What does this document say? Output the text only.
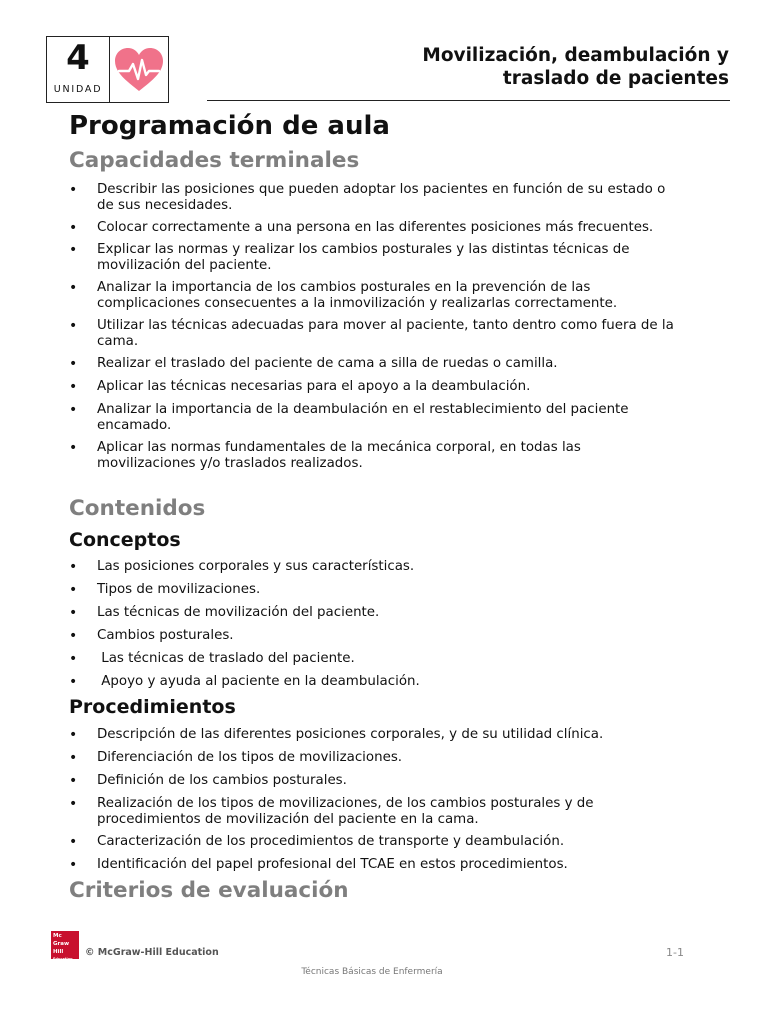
4
UNIDAD
Movilización, deambulación y traslado de pacientes
Programación de aula
Capacidades terminales
• Describir las posiciones que pueden adoptar los pacientes en función de su estado o de sus necesidades.
• Colocar correctamente a una persona en las diferentes posiciones más frecuentes.
• Explicar las normas y realizar los cambios posturales y las distintas técnicas de movilización del paciente.
• Analizar la importancia de los cambios posturales en la prevención de las complicaciones consecuentes a la inmovilización y realizarlas correctamente.
• Utilizar las técnicas adecuadas para mover al paciente, tanto dentro como fuera de la cama.
• Realizar el traslado del paciente de cama a silla de ruedas o camilla.
• Aplicar las técnicas necesarias para el apoyo a la deambulación.
• Analizar la importancia de la deambulación en el restablecimiento del paciente encamado.
• Aplicar las normas fundamentales de la mecánica corporal, en todas las movilizaciones y/o traslados realizados.
Contenidos
Conceptos
• Las posiciones corporales y sus características.
• Tipos de movilizaciones.
• Las técnicas de movilización del paciente.
• Cambios posturales.
•  Las técnicas de traslado del paciente.
•  Apoyo y ayuda al paciente en la deambulación.
Procedimientos
• Descripción de las diferentes posiciones corporales, y de su utilidad clínica.
• Diferenciación de los tipos de movilizaciones.
• Definición de los cambios posturales.
• Realización de los tipos de movilizaciones, de los cambios posturales y de procedimientos de movilización del paciente en la cama.
• Caracterización de los procedimientos de transporte y deambulación.
• Identificación del papel profesional del TCAE en estos procedimientos.
Criterios de evaluación
Mc
Graw
Hill
Education
© McGraw-Hill Education	1-1
Técnicas Básicas de Enfermería
